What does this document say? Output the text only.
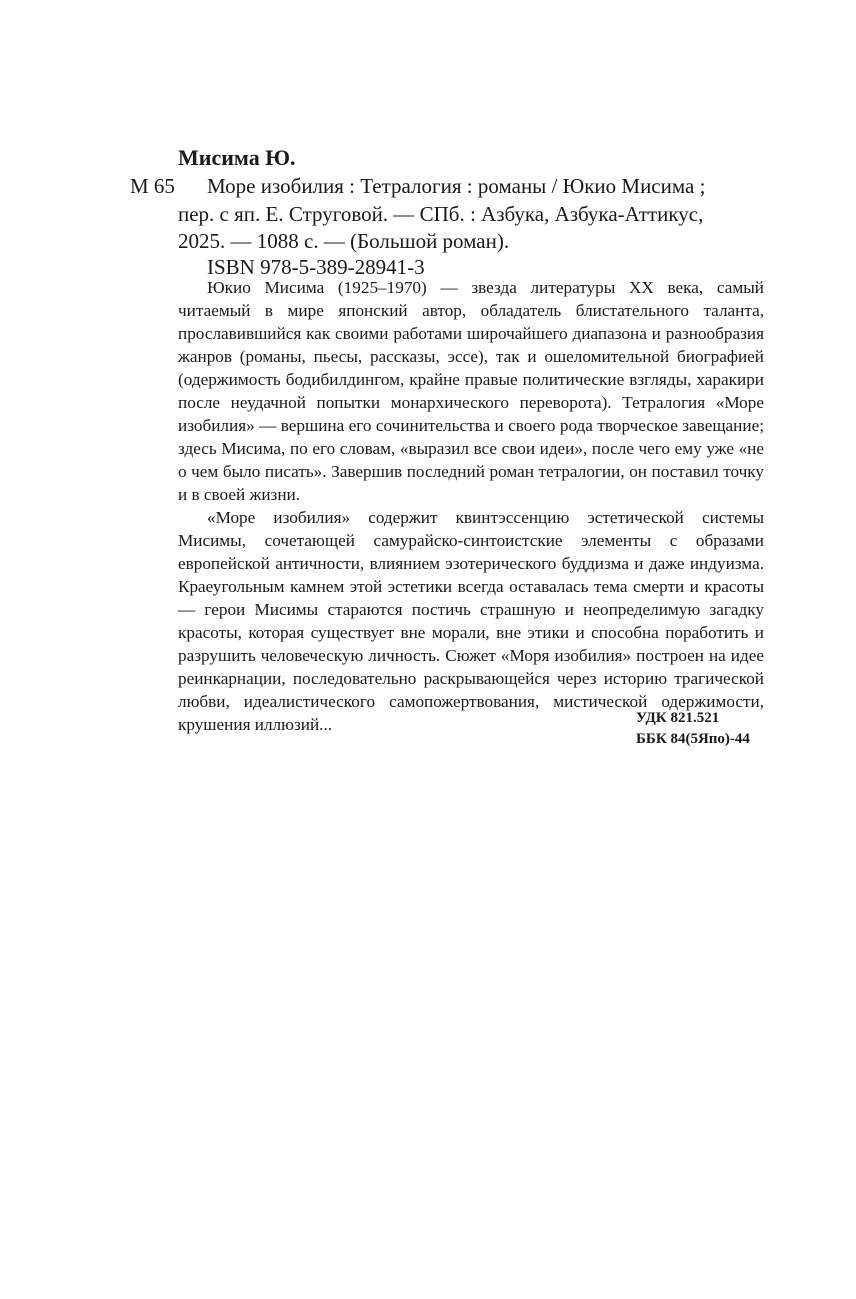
Мисима Ю.
М 65	Море изобилия : Тетралогия : романы / Юкио Мисима ;
пер. с яп. Е. Струговой. — СПб. : Азбука, Азбука-Аттикус,
2025. — 1088 с. — (Большой роман).
ISBN 978-5-389-28941-3

Юкио Мисима (1925–1970) — звезда литературы XX века, самый читаемый в мире японский автор, обладатель блистательного таланта, прославившийся как своими работами широчайшего диапазона и разнообразия жанров (романы, пьесы, рассказы, эссе), так и ошеломительной биографией (одержимость бодибилдингом, крайне правые политические взгляды, харакири после неудачной попытки монархического переворота). Тетралогия «Море изобилия» — вершина его сочинительства и своего рода творческое завещание; здесь Мисима, по его словам, «выразил все свои идеи», после чего ему уже «не о чем было писать». Завершив последний роман тетралогии, он поставил точку и в своей жизни.

«Море изобилия» содержит квинтэссенцию эстетической системы Мисимы, сочетающей самурайско-синтоистские элементы с образами европейской античности, влиянием эзотерического буддизма и даже индуизма. Краеугольным камнем этой эстетики всегда оставалась тема смерти и красоты — герои Мисимы стараются постичь страшную и неопределимую загадку красоты, которая существует вне морали, вне этики и способна поработить и разрушить человеческую личность. Сюжет «Моря изобилия» построен на идее реинкарнации, последовательно раскрывающейся через историю трагической любви, идеалистического самопожертвования, мистической одержимости, крушения иллюзий...	УДК 821.521
ББК 84(5Япо)-44
